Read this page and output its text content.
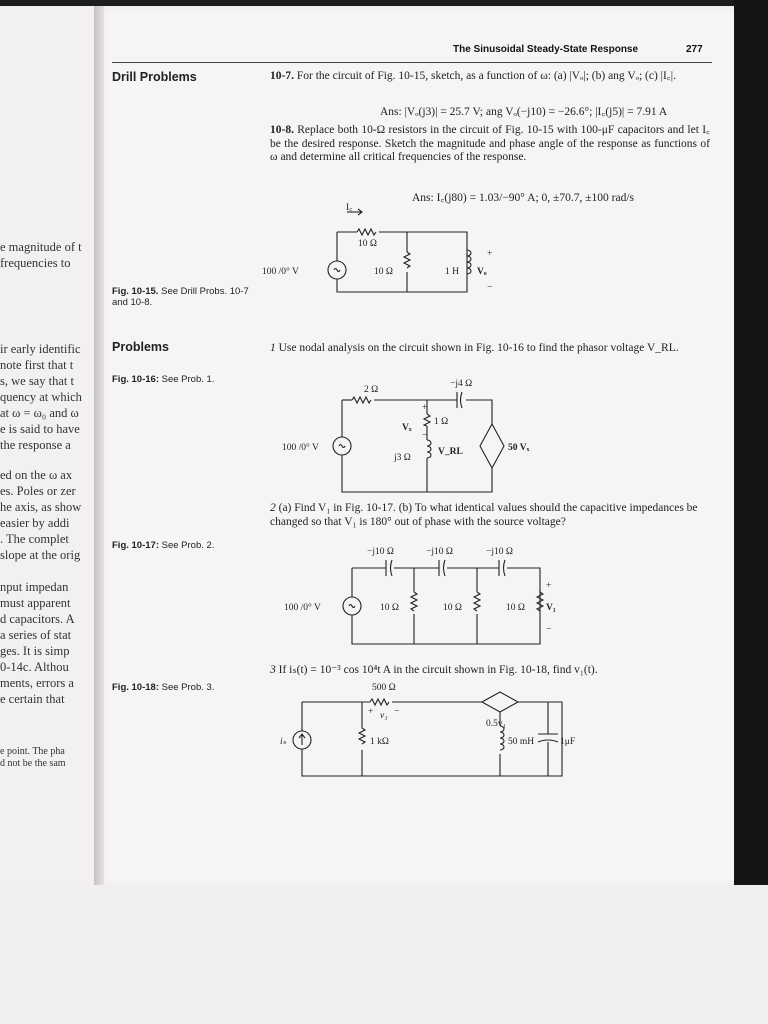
e magnitude of t
frequencies to
ir early identific
note first that t
s, we say that t
quency at which
at ω = ω₀ and ω
e is said to have
the response a
ed on the ω ax
es. Poles or zer
he axis, as show
easier by addi
. The complet
slope at the orig
nput impedan
must apparent
d capacitors. A
a series of stat
ges. It is simp
0-14c. Althou
ments, errors a
e certain that
e point. The pha
d not be the sam
The Sinusoidal Steady-State Response	277
Drill Problems	10-7. For the circuit of Fig. 10-15, sketch, as a function of ω: (a) |Vₒ|; (b) ang Vₒ; (c) |I꜀|.
Ans: |Vₒ(j3)| = 25.7 V; ang Vₒ(−j10) = −26.6°; |I꜀(j5)| = 7.91 A
10-8. Replace both 10-Ω resistors in the circuit of Fig. 10-15 with 100-μF capacitors and let I꜀ be the desired response. Sketch the magnitude and phase angle of the response as functions of ω and determine all critical frequencies of the response.
Ans: I꜀(j80) = 1.03/−90° A; 0, ±70.7, ±100 rad/s
I꜀
10 Ω
100 /0° V	10 Ω	1 H Vₒ
+
−
Fig. 10-15. See Drill Probs. 10-7 and 10-8.
Problems	1 Use nodal analysis on the circuit shown in Fig. 10-16 to find the phasor voltage V_RL.
Fig. 10-16: See Prob. 1.
2 Ω
−j4 Ω
100 /0° V
Vₓ
1 Ω
j3 Ω
V_RL	50 Vₓ
+
−
2 (a) Find V₁ in Fig. 10-17. (b) To what identical values should the capacitive impedances be changed so that V₁ is 180° out of phase with the source voltage?
Fig. 10-17: See Prob. 2.
−j10 Ω	−j10 Ω	−j10 Ω
100 /0° V	10 Ω	10 Ω	10 Ω V₁
+
−
3 If iₛ(t) = 10⁻³ cos 10⁴t A in the circuit shown in Fig. 10-18, find v₁(t).
Fig. 10-18: See Prob. 3.	500 Ω
v₁
+ −
0.5v₁
iₛ	1 kΩ	50 mH	1μF
